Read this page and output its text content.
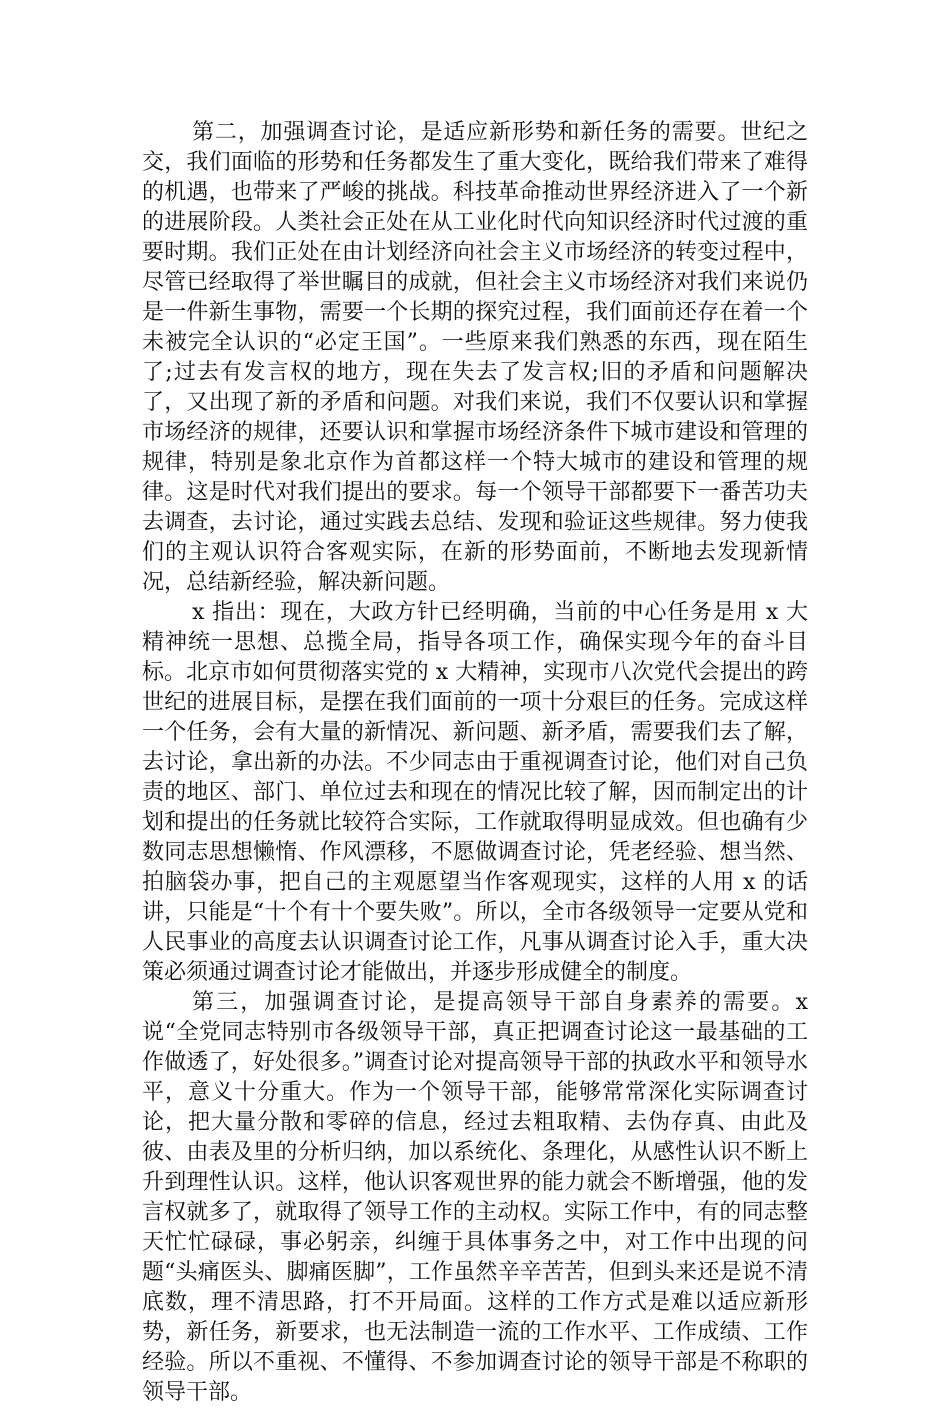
第二，加强调查讨论，是适应新形势和新任务的需要。世纪之交，我们面临的形势和任务都发生了重大变化，既给我们带来了难得的机遇，也带来了严峻的挑战。科技革命推动世界经济进入了一个新的进展阶段。人类社会正处在从工业化时代向知识经济时代过渡的重要时期。我们正处在由计划经济向社会主义市场经济的转变过程中，尽管已经取得了举世瞩目的成就，但社会主义市场经济对我们来说仍是一件新生事物，需要一个长期的探究过程，我们面前还存在着一个未被完全认识的“必定王国”。一些原来我们熟悉的东西，现在陌生了;过去有发言权的地方，现在失去了发言权;旧的矛盾和问题解决了，又出现了新的矛盾和问题。对我们来说，我们不仅要认识和掌握市场经济的规律，还要认识和掌握市场经济条件下城市建设和管理的规律，特别是象北京作为首都这样一个特大城市的建设和管理的规律。这是时代对我们提出的要求。每一个领导干部都要下一番苦功夫去调查，去讨论，通过实践去总结、发现和验证这些规律。努力使我们的主观认识符合客观实际，在新的形势面前，不断地去发现新情况，总结新经验，解决新问题。

x 指出：现在，大政方针已经明确，当前的中心任务是用 x 大精神统一思想、总揽全局，指导各项工作，确保实现今年的奋斗目标。北京市如何贯彻落实党的 x 大精神，实现市八次党代会提出的跨世纪的进展目标，是摆在我们面前的一项十分艰巨的任务。完成这样一个任务，会有大量的新情况、新问题、新矛盾，需要我们去了解，去讨论，拿出新的办法。不少同志由于重视调查讨论，他们对自己负责的地区、部门、单位过去和现在的情况比较了解，因而制定出的计划和提出的任务就比较符合实际，工作就取得明显成效。但也确有少数同志思想懒惰、作风漂移，不愿做调查讨论，凭老经验、想当然、拍脑袋办事，把自己的主观愿望当作客观现实，这样的人用 x 的话讲，只能是“十个有十个要失败”。所以，全市各级领导一定要从党和人民事业的高度去认识调查讨论工作，凡事从调查讨论入手，重大决策必须通过调查讨论才能做出，并逐步形成健全的制度。

第三，加强调查讨论，是提高领导干部自身素养的需要。x 说“全党同志特别市各级领导干部，真正把调查讨论这一最基础的工作做透了，好处很多。”调查讨论对提高领导干部的执政水平和领导水平，意义十分重大。作为一个领导干部，能够常常深化实际调查讨论，把大量分散和零碎的信息，经过去粗取精、去伪存真、由此及彼、由表及里的分析归纳，加以系统化、条理化，从感性认识不断上升到理性认识。这样，他认识客观世界的能力就会不断增强，他的发言权就多了，就取得了领导工作的主动权。实际工作中，有的同志整天忙忙碌碌，事必躬亲，纠缠于具体事务之中，对工作中出现的问题“头痛医头、脚痛医脚”，工作虽然辛辛苦苦，但到头来还是说不清底数，理不清思路，打不开局面。这样的工作方式是难以适应新形势，新任务，新要求，也无法制造一流的工作水平、工作成绩、工作经验。所以不重视、不懂得、不参加调查讨论的领导干部是不称职的领导干部。
